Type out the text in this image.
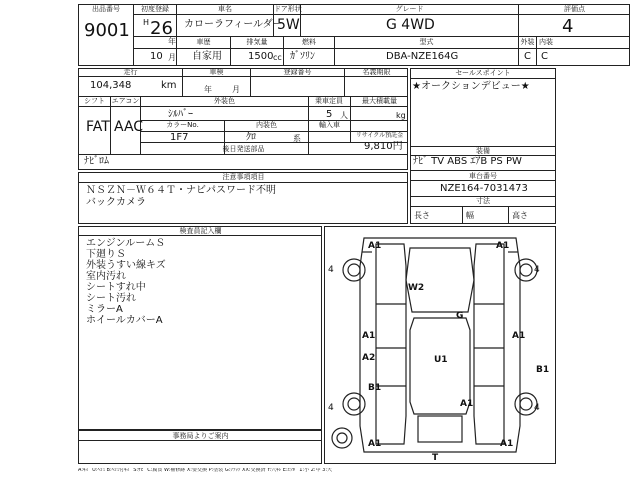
出品番号
9001
初度登録
H 26
年
10 月
車名
カローラフィールダー
ドア形状
5W
グレード
G 4WD
評価点
4
車歴
自家用
排気量
1500 cc
燃料
ｶﾞｿﾘﾝ
型式
DBA-NZE164G
外装 内装
C C
走行
104,348	km
車検
年	月
登録番号	名義期限
シフト
FAT
エアコン
AAC
外装色
ｼﾙﾊﾞｰ
乗車定員
5 人
最大積載量
kg
カラーNo.
1F7
内装色
ｸﾛ	系
輸入車
リサイクル預託金
9,810円
後日発送部品
ﾅﾋﾞﾛﾑ
セールスポイント
★オークションデビュー★
装備
ﾅﾋﾞ TV ABS ｴｱB PS PW
車台番号
NZE164-7031473
寸法
長さ	幅	高さ
注意事項項目
ＮＳＺＮ－Ｗ６４Ｔ・ナビパスワード不明
バックカメラ
検査員記入欄
エンジンルームＳ
下廻りＳ
外装うすい線キズ
室内汚れ
シートすれ中
シート汚れ
ミラーA
ホイールカバーA
事務局よりご案内
4	4
4	4
A1	A1
W2
G
A1	A1
A2	U1
B1
B1
A1
A1	A1
T
A:ｷｽﾞ U:ﾍｺﾐ B:ﾍｺﾐ付ｷｽﾞ S:ｻﾋﾞ C:腐食 W:補修跡 X:要交換 P:塗装 G:ｸﾗｯｸ XX:交換済 Y:穴ｷﾚ E:ｴｸﾎﾞ 1:小 2:中 3:大
